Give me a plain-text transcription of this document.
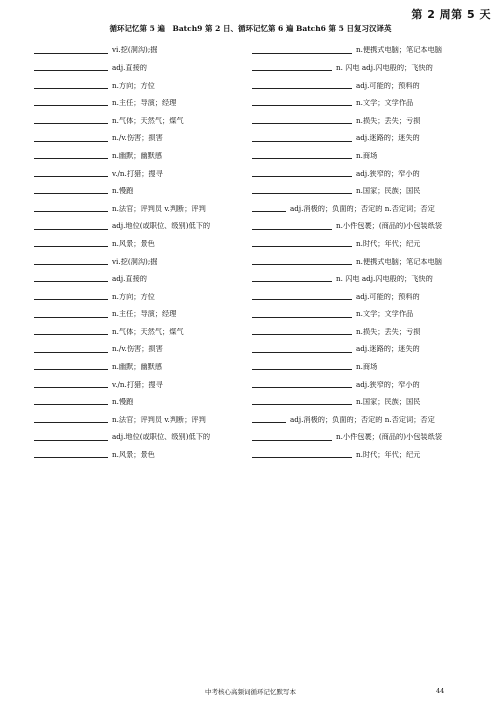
第 2 周第 5 天
循环记忆第 5 遍　Batch9 第 2 日、循环记忆第 6 遍 Batch6 第 5 日复习汉译英
vi.挖(洞沟);掘	n.便携式电脑；笔记本电脑
adj.直接的	n. 闪电 adj.闪电般的；飞快的
n.方向；方位	adj.可能的；预料的
n.主任；导演；经理	n.文学；文学作品
n.气体；天然气；煤气	n.损失；丢失；亏损
n./v.伤害；损害	adj.迷路的；迷失的
n.幽默；幽默感	n.商场
v./n.打猎；搜寻	adj.狭窄的；窄小的
n.慢跑	n.国家；民族；国民
n.法官；评判员 v.判断；评判	adj.消极的；负面的；否定的 n.否定词；否定
adj.地位(或职位、级别)低下的	n.小件包裹；(商品的)小包装纸袋
n.风景；景色	n.时代；年代；纪元
vi.挖(洞沟);掘	n.便携式电脑；笔记本电脑
adj.直接的	n. 闪电 adj.闪电般的；飞快的
n.方向；方位	adj.可能的；预料的
n.主任；导演；经理	n.文学；文学作品
n.气体；天然气；煤气	n.损失；丢失；亏损
n./v.伤害；损害	adj.迷路的；迷失的
n.幽默；幽默感	n.商场
v./n.打猎；搜寻	adj.狭窄的；窄小的
n.慢跑	n.国家；民族；国民
n.法官；评判员 v.判断；评判	adj.消极的；负面的；否定的 n.否定词；否定
adj.地位(或职位、级别)低下的	n.小件包裹；(商品的)小包装纸袋
n.风景；景色	n.时代；年代；纪元
中考核心高频词循环记忆默写本	44
